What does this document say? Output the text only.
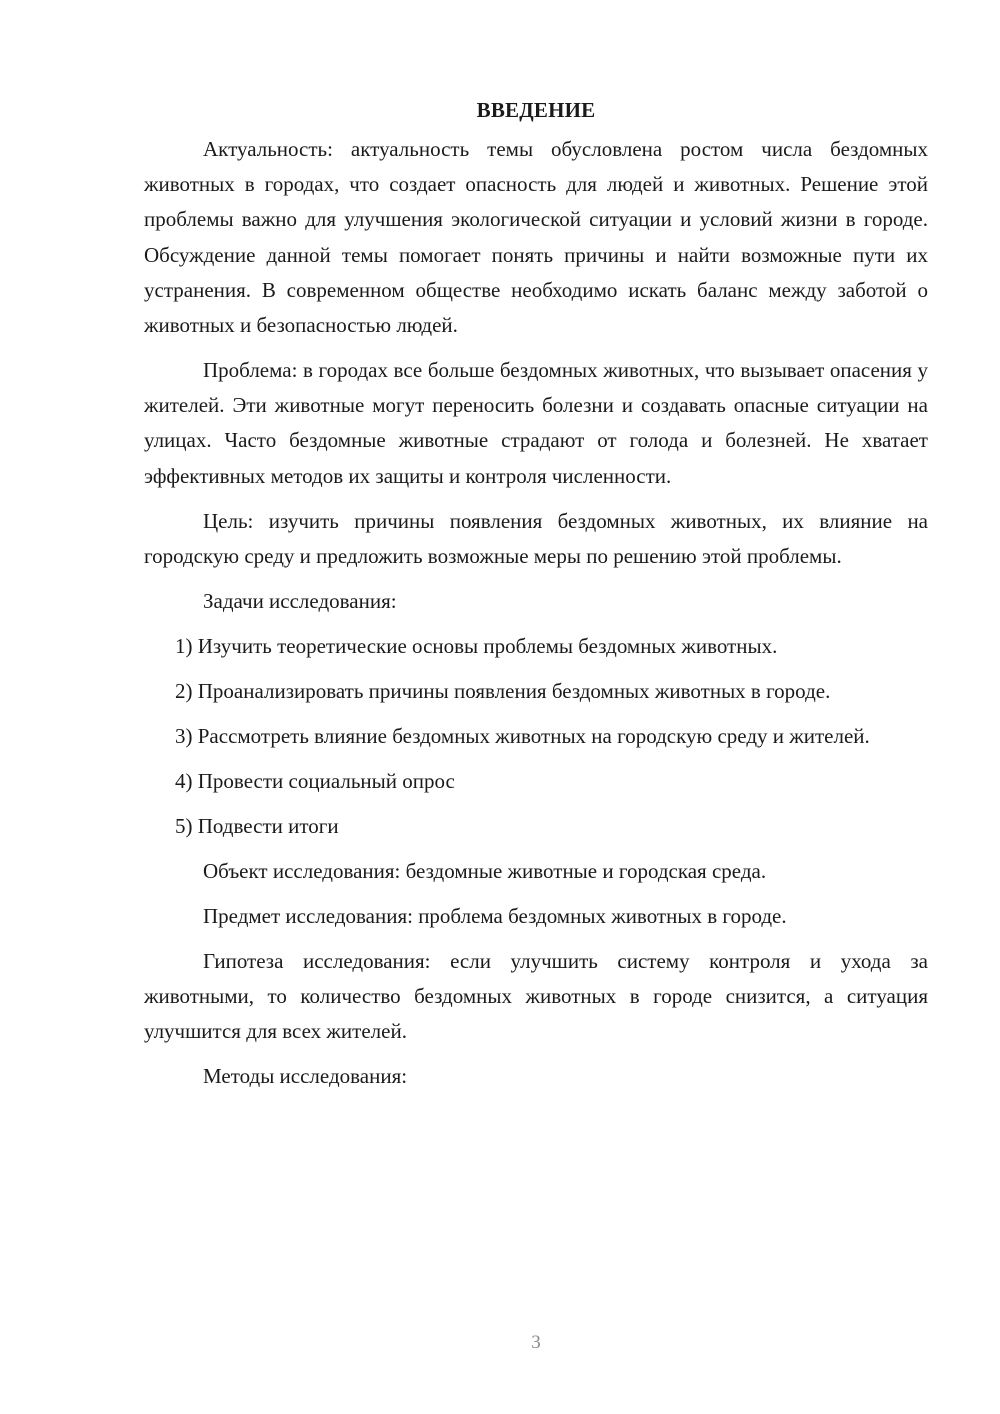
ВВЕДЕНИЕ

Актуальность: актуальность темы обусловлена ростом числа бездомных животных в городах, что создает опасность для людей и животных. Решение этой проблемы важно для улучшения экологической ситуации и условий жизни в городе. Обсуждение данной темы помогает понять причины и найти возможные пути их устранения. В современном обществе необходимо искать баланс между заботой о животных и безопасностью людей.

Проблема: в городах все больше бездомных животных, что вызывает опасения у жителей. Эти животные могут переносить болезни и создавать опасные ситуации на улицах. Часто бездомные животные страдают от голода и болезней. Не хватает эффективных методов их защиты и контроля численности.

Цель: изучить причины появления бездомных животных, их влияние на городскую среду и предложить возможные меры по решению этой проблемы.

Задачи исследования:

1) Изучить теоретические основы проблемы бездомных животных.

2) Проанализировать причины появления бездомных животных в городе.

3) Рассмотреть влияние бездомных животных на городскую среду и жителей.

4) Провести социальный опрос

5) Подвести итоги

Объект исследования: бездомные животные и городская среда.

Предмет исследования: проблема бездомных животных в городе.

Гипотеза исследования: если улучшить систему контроля и ухода за животными, то количество бездомных животных в городе снизится, а ситуация улучшится для всех жителей.

Методы исследования:

3
